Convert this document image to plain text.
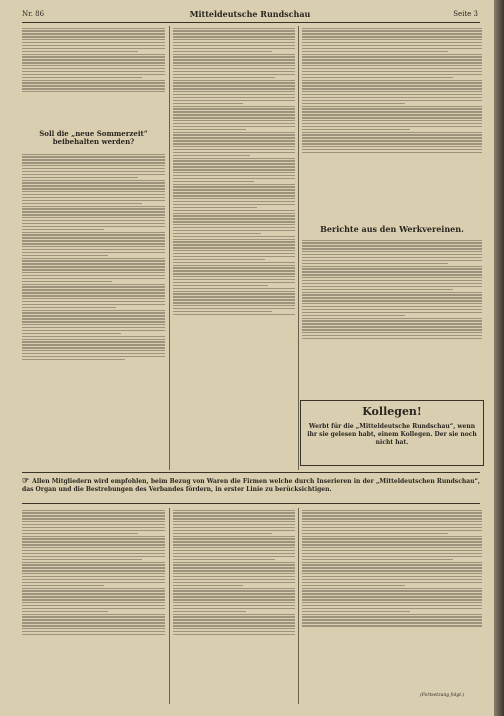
Nr. 86	Mitteldeutsche Rundschau	Seite 3
Soll die „neue Sommerzeit“ beibehalten werden?
Berichte aus den Werkvereinen.
Kollegen!
Werbt für die „Mitteldeutsche Rundschau“, wenn ihr sie gelesen habt, einem Kollegen. Der sie noch nicht hat.
☞ Allen Mitgliedern wird empfohlen, beim Bezug von Waren die Firmen welche durch Inserieren in der „Mitteldeutschen Rundschau“, das Organ und die Bestrebungen des Verbandes fördern, in erster Linie zu berücksichtigen.
(Fortsetzung folgt.)
